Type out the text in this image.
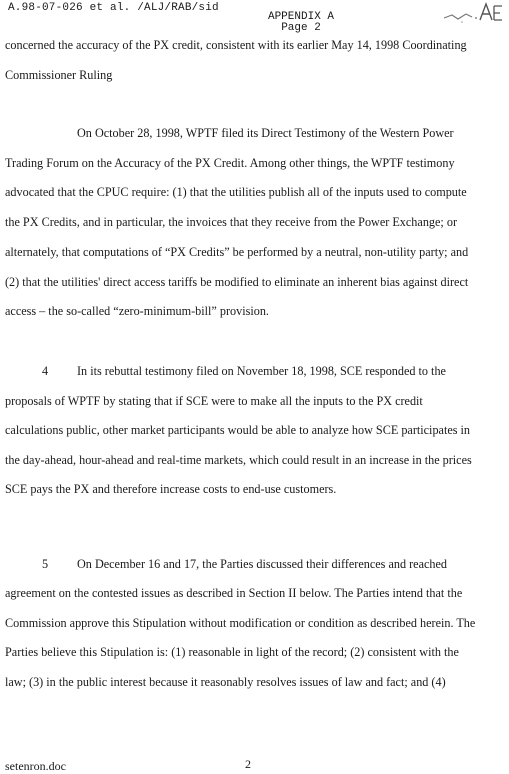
A.98-07-026 et al. /ALJ/RAB/sid
APPENDIX A
Page 2
concerned the accuracy of the PX credit, consistent with its earlier May 14, 1998 Coordinating
Commissioner Ruling
On October 28, 1998, WPTF filed its Direct Testimony of the Western Power
Trading Forum on the Accuracy of the PX Credit. Among other things, the WPTF testimony
advocated that the CPUC require: (1) that the utilities publish all of the inputs used to compute
the PX Credits, and in particular, the invoices that they receive from the Power Exchange; or
alternately, that computations of “PX Credits” be performed by a neutral, non-utility party; and
(2) that the utilities' direct access tariffs be modified to eliminate an inherent bias against direct
access – the so-called “zero-minimum-bill” provision.
4 In its rebuttal testimony filed on November 18, 1998, SCE responded to the
proposals of WPTF by stating that if SCE were to make all the inputs to the PX credit
calculations public, other market participants would be able to analyze how SCE participates in
the day-ahead, hour-ahead and real-time markets, which could result in an increase in the prices
SCE pays the PX and therefore increase costs to end-use customers.
5 On December 16 and 17, the Parties discussed their differences and reached
agreement on the contested issues as described in Section II below. The Parties intend that the
Commission approve this Stipulation without modification or condition as described herein. The
Parties believe this Stipulation is: (1) reasonable in light of the record; (2) consistent with the
law; (3) in the public interest because it reasonably resolves issues of law and fact; and (4)
setenron.doc	2
